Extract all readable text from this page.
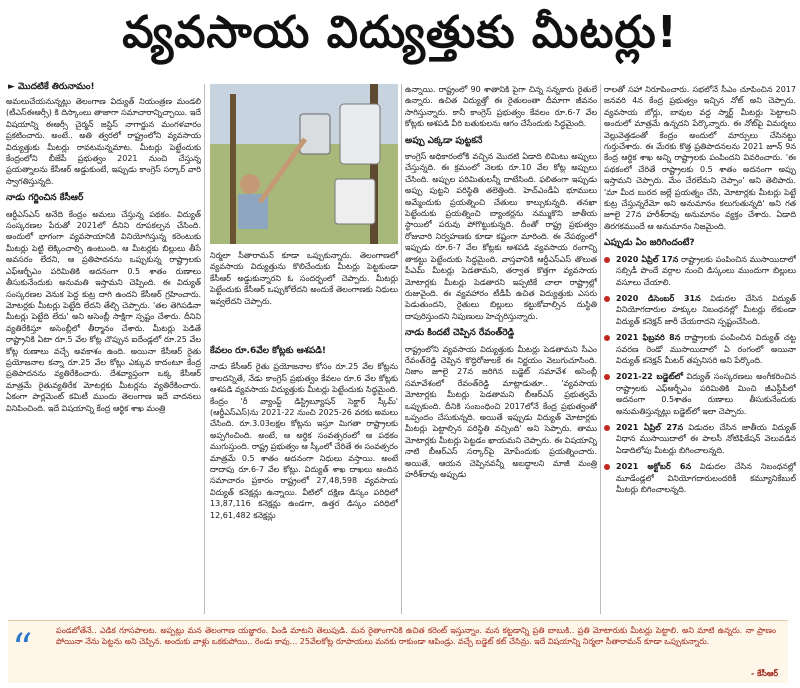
వ్యవసాయ విద్యుత్తుకు మీటర్లు!
► మొదటికే తిరునామం!

అమలుచేయనున్నట్లు తెలంగాణ విద్యుత్ నియంత్రణ మండలి (టీఎస్ఈఆర్సీ) కి దిస్కాంలు తాజాగా సమాచారాన్నిచ్చాయి. ఇదే విషయాన్ని ఈఆర్సీ చైర్మన్ జస్టిస్ నాగార్జున మంగళవారం ప్రకటించారు. అంటే.. అతి త్వరలో రాష్ట్రంలోని వ్యవసాయ విద్యుత్తుకు మీటర్లు రావటమన్నమాట. మీటర్లు పెట్టేందుకు కేంద్రంలోని బీజేపీ ప్రభుత్వం 2021 నుంచి చేస్తున్న ప్రయత్నాలను కేసీఆర్ అడ్డుకుంటే, ఇప్పుడు కాంగ్రెస్ సర్కార్ వారి స్వాగతిస్తున్నది.

నాడు గర్జించిన కేసీఆర్

ఆర్డీఎస్ఎస్ అనేది కేంద్రం అమలు చేస్తున్న పథకం. విద్యుత్ సంస్కరణల పేరుతో 2021లో దీనిని రూపకల్పన చేసింది. అందులో భాగంగా వ్యవసాయానికి వినియోగిస్తున్న కరెంటుకు మీటర్లు పెట్టి లెక్కించాల్సి ఉంటుంది. ఆ మీటర్లకు బిల్లులు తీసే అవసరం లేదని, ఆ ప్రతిపాదనను ఒప్పుకున్న రాష్ట్రాలకు ఎఫ్ఆర్బీఎం పరిమితికి అదనంగా 0.5 శాతం రుణాలు తీసుకునేందుకు అనుమతి ఇస్తామని చెప్పింది. ఈ విద్యుత్ సంస్కరణల వెనుక పెద్ద కుట్ర దాగి ఉందని కేసీఆర్ గ్రహించారు. మోటర్లకు మీటర్లు పెట్టేది లేదని తేల్చి చెప్పారు. 'తల తెగిపడినా మీటర్లు పెట్టేది లేదు' అని అసెంబ్లీ సాక్షిగా స్పష్టం చేశారు. దీనిని వ్యతిరేకిస్తూ అసెంబ్లీలో తీర్మానం చేశారు. మీటర్లు పెడితే రాష్ట్రానికి ఏటా రూ.5 వేల కోట్ల చొప్పున ఐదేండ్లలో రూ.25 వేల కోట్ల రుణాలు వచ్చే అవకాశం ఉంది. అయినా కేసీఆర్ రైతు ప్రయోజనాల కన్నా రూ.25 వేల కోట్లు ఎక్కువ కాదంటూ కేంద్ర ప్రతిపాదనను వ్యతిరేకించారు. దేశవ్యాప్తంగా ఒక్క కేసీఆర్ మాత్రమే రైతువ్యతిరేక మోటర్లకు మీటర్లను వ్యతిరేకించారు. ఏకంగా పార్లమెంట్ కమిటీ ముందు తెలంగాణ ఇదే వాదనలు వినిపించింది. ఇదే విషయాన్ని కేంద్ర ఆర్థిక శాఖ మంత్రి

నిర్మలా సీతారామన్ కూడా ఒప్పుకున్నారు. తెలంగాణలో వ్యవసాయ విద్యుత్తును కొలిచేందుకు మీటర్లు పెట్టకుండా కేసీఆర్ అడ్డుకున్నారని ఓ సందర్భంలో చెప్పారు. మీటర్లు పెట్టేందుకు కేసీఆర్ ఒప్పుకోలేదని అందుకే తెలంగాణకు నిధులు ఇవ్వలేదని చెప్పారు.
కేవలం రూ.6వేల కోట్లకు ఆశపడి!

నాడు కేసీఆర్ రైతు ప్రయోజనాల కోసం రూ.25 వేల కోట్లను కాలదన్నితే, నేడు కాంగ్రెస్ ప్రభుత్వం కేవలం రూ.6 వేల కోట్లకు ఆశపడి వ్యవసాయ విద్యుత్తుకు మీటర్లు పెట్టేందుకు సిద్ధమైంది. కేంద్రం 'రీ వ్యాంప్డ్ డిస్ట్రిబ్యూషన్ సెక్టార్ స్కీమ్' (ఆర్డీఎస్ఎస్)ను 2021-22 నుంచి 2025-26 వరకు అమలు చేసింది. రూ.3.03లక్షల కోట్లను ఇస్తూ మిగతా రాష్ట్రాలకు అప్పగించింది. అంటే, ఆ అర్థిక సంవత్సరంలో ఆ పథకం ముగుస్తుంది. రాష్ట్ర ప్రభుత్వం ఆ స్కీంలో చేరితే ఈ సంవత్సరం మాత్రమే 0.5 శాతం అదనంగా నిధులు వస్తాయి. అంటే దాదాపు రూ.6-7 వేల కోట్లు. విద్యుత్ శాఖ దాఖలు అందిన సమాచారం ప్రకారం రాష్ట్రంలో 27,48,598 వ్యవసాయ విద్యుత్ కనెక్షన్లు ఉన్నాయి. వీటిలో దక్షిణ డిస్కం పరిధిలో 13,87,116 కనెక్షన్లు ఉండగా, ఉత్తర డిస్కం పరిధిలో 12,61,482 కనెక్షన్లు

ఉన్నాయి. రాష్ట్రంలో 90 శాతానికి పైగా చిన్న సన్నకారు రైతులే ఉన్నారు. ఉచిత విద్యుత్తో ఈ రైతులంతా దీమాగా జీవనం సాగిస్తున్నారు. కానీ కాంగ్రెస్ ప్రభుత్వం కేవలం రూ.6-7 వేల కోట్లకు ఆశపడి వీరి బతుకులను ఆగం చేసేందుకు సిద్ధమైంది.

అప్పు ఎక్కడా పుట్టకనే

కాంగ్రెస్ అధికారంలోకి వచ్చిన మొదటి ఏడాది లిమిటు అప్పులు చేస్తున్నది. ఈ క్రమంలో నెలకు రూ.10 వేల కోట్ల అప్పులు చేసింది. అప్పుల పరిమితులన్నీ దాటేసింది. ఫలితంగా ఇప్పుడు అప్పు పుట్టని పరిస్థితి తలెత్తింది. హెచ్ఎండీఏ భూములు అమ్మేందుకు ప్రయత్నించి చేతులు కాల్చుకున్నది. తనఖా పెట్టేందుకు ప్రయత్నించి బ్యాంకర్లను నమ్ముకొని జాతీయ స్థాయిలో పరువు పోగొట్టుకున్నది. దీంతో రాష్ట్ర ప్రభుత్వం రోజువారి నిర్వహణకు కూడా కష్టంగా మారింది. ఈ నేపథ్యంలో ఇప్పుడు రూ.6-7 వేల కోట్లకు ఆశపడి వ్యవసాయ రంగాన్ని తాకట్టు పెట్టేందుకు సిద్ధమైంది. వాస్తవానికి ఆర్డీఎస్ఎస్ తొలుత పీఎమ్ మీటర్లు పెడతామని, తర్వాత కొత్తగా వ్యవసాయ మోటార్లకు మీటర్లు పెడతారని ఇప్పటికే చాలా రాష్ట్రాల్లో రుజువైంది. ఈ వ్యవహారం టీడీపీ ఉచిత విద్యుత్తుకు ఎసరు పెడుతుందని, రైతులు బిల్లులు కట్టుకోవాల్సిన దుస్థితి దాపురిస్తుందని నిపుణులు హెచ్చరిస్తున్నారు.

నాడు కిందటే చెప్పిన రేవంత్‌రెడ్డి

రాష్ట్రంలోని వ్యవసాయ విద్యుత్తుకు మీటర్లు పెడతామని సీఎం రేవంత్‌రెడ్డి చెప్పిన కొద్దిరోజులకే ఈ నిర్ణయం వెలుగుచూసింది. నిజాం జూలై 27న జరిగిన బడ్జెట్ సమావేశ అసెంబ్లీ సమావేశంలో రేవంత్‌రెడ్డి మాట్లాడుతూ.. 'వ్యవసాయ మోటార్లకు మీటర్లు పెడతామని బీఆర్ఎస్ ప్రభుత్వమే ఒప్పుకుంది. దీనికి సంబంధించి 2017లోనే కేంద్ర ప్రభుత్వంతో ఒప్పందం చేసుకున్నది. అయితే ఇప్పుడు విద్యుత్ మోటార్లకు మీటర్లు పెట్టాల్సిన పరిస్థితి వచ్చింది' అని సెప్పారు. తాము మోటార్లకు మీటర్లు పెట్టడం ఖాయమని చెప్పారు. ఈ విషయాన్ని నాటి బీఆర్ఎస్ సర్కార్‌పై మోపేందుకు ప్రయత్నించారు. అయితే, ఆయన చెప్పినవన్నీ అబద్ధాలని మాజీ మంత్రి హరీశ్‌రావు అప్పుడు

రాలతో సహా నిరూపించారు. సభలోనే సీఎం చూపించిన 2017 జనవరి 4న కేంద్ర ప్రభుత్వం ఇచ్చిన నోట్ అని చెప్పారు. వ్యవసాయ బోర్లు, బావుల వద్ద స్మార్ట్ మీటర్లు పెట్టాలని అందులో మాత్రమే ఉన్నదని పేర్కొన్నారు. ఈ నోట్‌పై విమర్శలు వెల్లువెత్తడంతో కేంద్రం అందులో మార్పులు చేసినట్టు గుర్తుచేశారు. ఈ మేరకు కొత్త ప్రతిపాదనలను 2021 జూన్ 9న కేంద్ర ఆర్థిక శాఖ అన్ని రాష్ట్రాలకు పంపిందని వివరించారు. 'ఈ పథకంలో చేరితే రాష్ట్రాలకు 0.5 శాతం అదనంగా అప్పు ఇస్తామని చెప్పారు. మేం చేరలేమని చెప్పాం' అని తెలిపారు. 'మా మీద బురద జల్లే ప్రయత్నం చేసి, మోటార్లకు మీటర్లు పెట్టే కుట్ర చేస్తున్నరేమో అని అనుమానం కలుగుతున్నది' అని గత జూలై 27న హరీశ్‌రావు అనుమానం వ్యక్తం చేశారు. ఏడాది తిరగకముందే ఆ అనుమానం నిజమైంది.

ఎప్పుడు ఏం జరిగిందంటే?
2020 ఏప్రిల్ 17న రాష్ట్రాలకు పంపించిన ముసాయిదాలో సబ్సిడీ పొందే వర్గాల నుంచి డిస్కంలు ముందుగా బిల్లులు వసూలు చేయాలి.
2020 డిసెంబర్ 31న విడుదల చేసిన విద్యుత్ వినియోగదారుల హక్కుల నిబంధనల్లో మీటర్లు లేకుండా విద్యుత్ కనెక్షన్ జారీ చేయరాదని స్పష్టంచేసింది.
2021 ఫిబ్రవరి 8న రాష్ట్రాలకు పంపించిన విద్యుత్ చట్ట సవరణ రెండో ముసాయిదాలో ఏ రంగంలో అయినా విద్యుత్ కనెక్షన్ మీటర్ తప్పనిసరి అని పేర్కొంది.
2021-22 బడ్జెట్‌లో విద్యుత్ సంస్కరణలు అంగీకరించిన రాష్ట్రాలకు ఎఫ్ఆర్బీఎం పరిమితికి మించి జీఎస్డీపీలో అదనంగా 0.5శాతం రుణాలు తీసుకునేందుకు అనుమతిస్తున్నట్లు బడ్జెట్‌లో ఇలా చెప్పారు.
2021 ఏప్రిల్ 27న విడుదల చేసిన జాతీయ విద్యుత్ విధాన ముసాయిదాలో ఈ పాలసీ నోటిఫికేషన్ వెలువడిన ఏడాదిలోపు మీటర్లు బిగించాలన్నది.
2021 అక్టోబర్ 6న విడుదల చేసిన నిబంధనల్లో మూడేండ్లలో వినియోగదారులందరికీ కమ్యూనికేబుల్ మీటర్లు బిగించాలన్నది.
“	పండబోతేనే.. ఎడిక గూసపాలట. అప్పట్లు మన తెలంగాణ యజ్జారం. పిండి మాటని తెలుపుడి. మన రైతాంగానికి ఉచిత కరెంట్ ఇస్తున్నాం. మన కట్టడాన్ని ప్రతి బాబుకి.. ప్రతి మోటారుకు మీటర్లు పెట్టాలి. అని మాటి ఉన్నరు. నా ప్రాణం పోయినా నేను పెట్టను అని చెప్పిన. అందుకు వాళ్లు ఒకకుపోయి.. రెండు కావు... 25వేలకోట్ల రూపాయలు మనకు రాకుండా ఆపిండ్రు. వచ్చే బడ్జెట్ కట్ చేసిన్రు. ఇదే విషయాన్ని నిర్మలా సీతారామన్ కూడా ఒప్పుకున్నారు.
- కేసీఆర్
